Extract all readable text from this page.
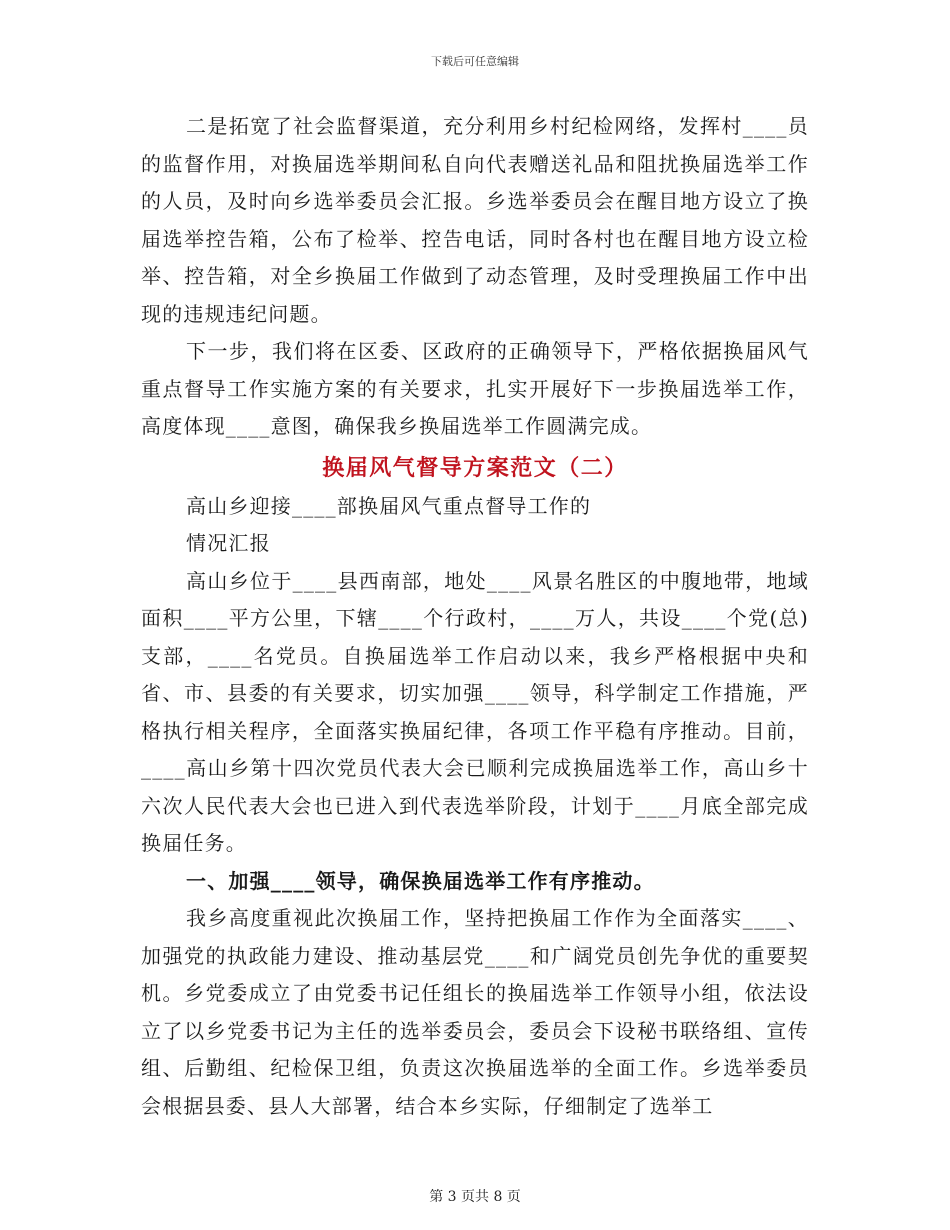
下载后可任意编辑

二是拓宽了社会监督渠道，充分利用乡村纪检网络，发挥村____员的监督作用，对换届选举期间私自向代表赠送礼品和阻扰换届选举工作的人员，及时向乡选举委员会汇报。乡选举委员会在醒目地方设立了换届选举控告箱，公布了检举、控告电话，同时各村也在醒目地方设立检举、控告箱，对全乡换届工作做到了动态管理，及时受理换届工作中出现的违规违纪问题。

下一步，我们将在区委、区政府的正确领导下，严格依据换届风气重点督导工作实施方案的有关要求，扎实开展好下一步换届选举工作，高度体现____意图，确保我乡换届选举工作圆满完成。

换届风气督导方案范文（二）

高山乡迎接____部换届风气重点督导工作的

情况汇报

高山乡位于____县西南部，地处____风景名胜区的中腹地带，地域面积____平方公里，下辖____个行政村，____万人，共设____个党(总)支部，____名党员。自换届选举工作启动以来，我乡严格根据中央和省、市、县委的有关要求，切实加强____领导，科学制定工作措施，严格执行相关程序，全面落实换届纪律，各项工作平稳有序推动。目前，____高山乡第十四次党员代表大会已顺利完成换届选举工作，高山乡十六次人民代表大会也已进入到代表选举阶段，计划于____月底全部完成换届任务。

一、加强____领导，确保换届选举工作有序推动。

我乡高度重视此次换届工作，坚持把换届工作作为全面落实____、加强党的执政能力建设、推动基层党____和广阔党员创先争优的重要契机。乡党委成立了由党委书记任组长的换届选举工作领导小组，依法设立了以乡党委书记为主任的选举委员会，委员会下设秘书联络组、宣传组、后勤组、纪检保卫组，负责这次换届选举的全面工作。乡选举委员会根据县委、县人大部署，结合本乡实际，仔细制定了选举工

第 3 页共 8 页
